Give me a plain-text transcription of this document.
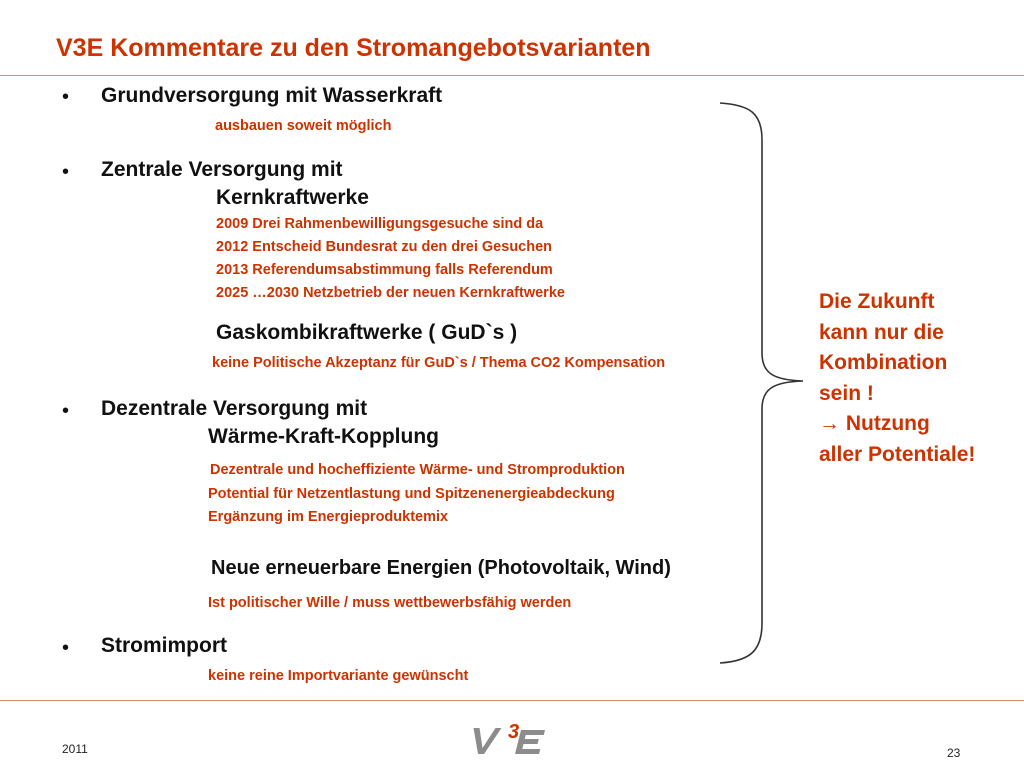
V3E Kommentare zu den Stromangebotsvarianten
• Grundversorgung mit Wasserkraft
ausbauen soweit möglich
• Zentrale Versorgung mit
Kernkraftwerke
2009 Drei Rahmenbewilligungsgesuche sind da
2012 Entscheid Bundesrat zu den drei Gesuchen
2013 Referendumsabstimmung falls Referendum
2025 …2030 Netzbetrieb der neuen Kernkraftwerke
Gaskombikraftwerke ( GuD`s )
keine Politische Akzeptanz für GuD`s / Thema CO2 Kompensation
• Dezentrale Versorgung mit
Wärme-Kraft-Kopplung
Dezentrale und hocheffiziente Wärme- und Stromproduktion
Potential für Netzentlastung und Spitzenenergieabdeckung
Ergänzung im Energieproduktemix
Neue erneuerbare Energien (Photovoltaik, Wind)
Ist politischer Wille / muss wettbewerbsfähig werden
• Stromimport
keine reine Importvariante gewünscht
Die Zukunft
kann nur die
Kombination
sein !
→ Nutzung
aller Potentiale!
3
2011	23
